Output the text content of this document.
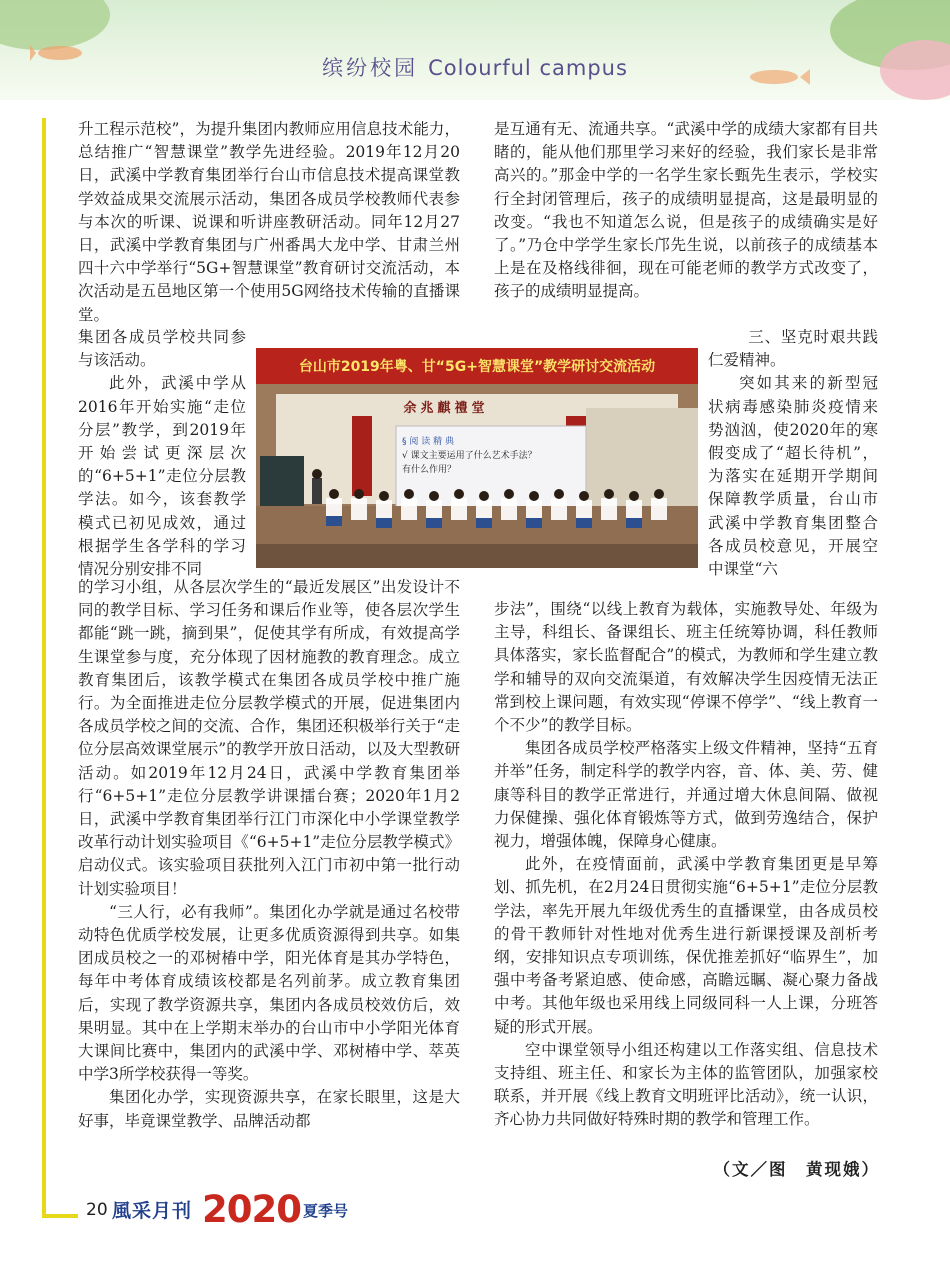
缤纷校园 Colourful campus

升工程示范校”，为提升集团内教师应用信息技术能力，总结推广“智慧课堂”教学先进经验。2019年12月20日，武溪中学教育集团举行台山市信息技术提高课堂教学效益成果交流展示活动，集团各成员学校教师代表参与本次的听课、说课和听讲座教研活动。同年12月27日，武溪中学教育集团与广州番禺大龙中学、甘肃兰州四十六中学举行“5G+智慧课堂”教育研讨交流活动，本次活动是五邑地区第一个使用5G网络技术传输的直播课堂。

集团各成员学校共同参与该活动。

此外，武溪中学从2016年开始实施“走位分层”教学，到2019年开始尝试更深层次的“6+5+1”走位分层教学法。如今，该套教学模式已初见成效，通过根据学生各学科的学习情况分别安排不同

的学习小组，从各层次学生的“最近发展区”出发设计不同的教学目标、学习任务和课后作业等，使各层次学生都能“跳一跳，摘到果”，促使其学有所成，有效提高学生课堂参与度，充分体现了因材施教的教育理念。成立教育集团后，该教学模式在集团各成员学校中推广施行。为全面推进走位分层教学模式的开展，促进集团内各成员学校之间的交流、合作，集团还积极举行关于“走位分层高效课堂展示”的教学开放日活动，以及大型教研活动。如2019年12月24日，武溪中学教育集团举行“6+5+1”走位分层教学讲课擂台赛；2020年1月2日，武溪中学教育集团举行江门市深化中小学课堂教学改革行动计划实验项目《“6+5+1”走位分层教学模式》启动仪式。该实验项目获批列入江门市初中第一批行动计划实验项目！

“三人行，必有我师”。集团化办学就是通过名校带动特色优质学校发展，让更多优质资源得到共享。如集团成员校之一的邓树椿中学，阳光体育是其办学特色，每年中考体育成绩该校都是名列前茅。成立教育集团后，实现了教学资源共享，集团内各成员校效仿后，效果明显。其中在上学期末举办的台山市中小学阳光体育大课间比赛中，集团内的武溪中学、邓树椿中学、萃英中学3所学校获得一等奖。

集团化办学，实现资源共享，在家长眼里，这是大好事，毕竟课堂教学、品牌活动都

是互通有无、流通共享。“武溪中学的成绩大家都有目共睹的，能从他们那里学习来好的经验，我们家长是非常高兴的。”那金中学的一名学生家长甄先生表示，学校实行全封闭管理后，孩子的成绩明显提高，这是最明显的改变。“我也不知道怎么说，但是孩子的成绩确实是好了。”乃仓中学学生家长邝先生说，以前孩子的成绩基本上是在及格线徘徊，现在可能老师的教学方式改变了，孩子的成绩明显提高。

三、坚克时艰共践仁爱精神。

突如其来的新型冠状病毒感染肺炎疫情来势汹汹，使2020年的寒假变成了“超长待机”，为落实在延期开学期间保障教学质量，台山市武溪中学教育集团整合各成员校意见，开展空中课堂“六

步法”，围绕“以线上教育为载体，实施教导处、年级为主导，科组长、备课组长、班主任统筹协调，科任教师具体落实，家长监督配合”的模式，为教师和学生建立教学和辅导的双向交流渠道，有效解决学生因疫情无法正常到校上课问题，有效实现“停课不停学”、“线上教育一个不少”的教学目标。

集团各成员学校严格落实上级文件精神，坚持“五育并举”任务，制定科学的教学内容，音、体、美、劳、健康等科目的教学正常进行，并通过增大休息间隔、做视力保健操、强化体育锻炼等方式，做到劳逸结合，保护视力，增强体魄，保障身心健康。

此外，在疫情面前，武溪中学教育集团更是早筹划、抓先机，在2月24日贯彻实施“6+5+1”走位分层教学法，率先开展九年级优秀生的直播课堂，由各成员校的骨干教师针对性地对优秀生进行新课授课及剖析考纲，安排知识点专项训练，保优推差抓好“临界生”，加强中考备考紧迫感、使命感，高瞻远瞩、凝心聚力备战中考。其他年级也采用线上同级同科一人上课，分班答疑的形式开展。

空中课堂领导小组还构建以工作落实组、信息技术支持组、班主任、和家长为主体的监管团队，加强家校联系，并开展《线上教育文明班评比活动》，统一认识，齐心协力共同做好特殊时期的教学和管理工作。

（文／图　黄现娥）
台山市2019年粤、甘“5G+智慧课堂”教学研讨交流活动
余兆麒禮堂
§ 阅 读 精 典
√ 课文主要运用了什么艺术手法？
有什么作用？
20 風采月刊 2020 夏季号
